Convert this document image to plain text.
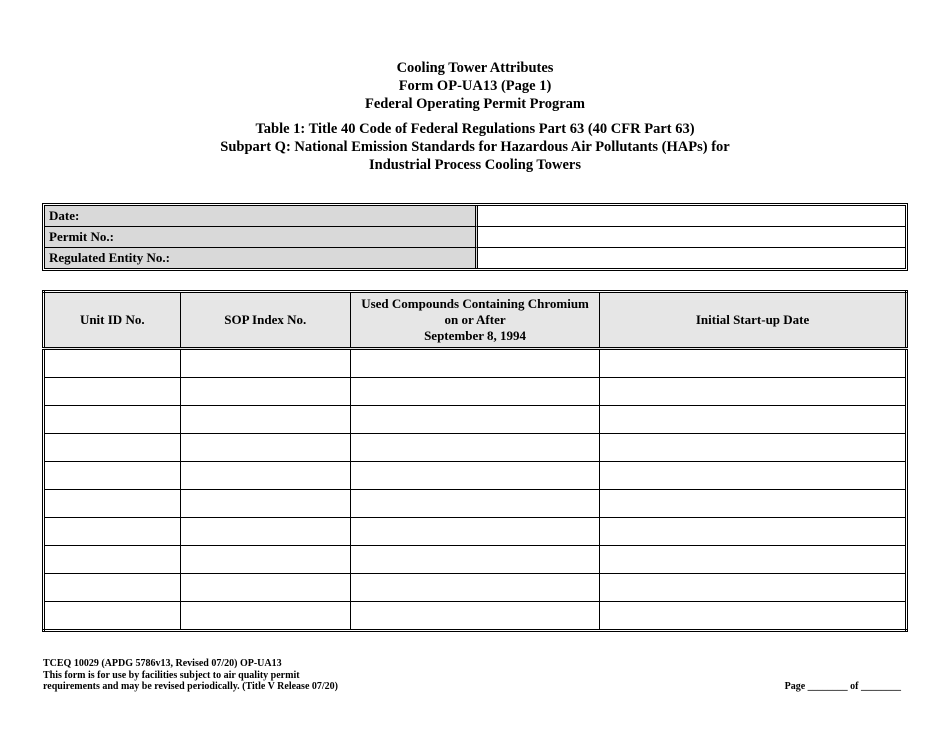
Cooling Tower Attributes
Form OP-UA13 (Page 1)
Federal Operating Permit Program
Table 1: Title 40 Code of Federal Regulations Part 63 (40 CFR Part 63)
Subpart Q: National Emission Standards for Hazardous Air Pollutants (HAPs) for
Industrial Process Cooling Towers
Date:	
Permit No.:	
Regulated Entity No.:	
Unit ID No.	SOP Index No.	Used Compounds Containing Chromium
on or After
September 8, 1994	Initial Start-up Date

TCEQ 10029 (APDG 5786v13, Revised 07/20) OP-UA13
This form is for use by facilities subject to air quality permit
requirements and may be revised periodically. (Title V Release 07/20)	Page ________ of ________
